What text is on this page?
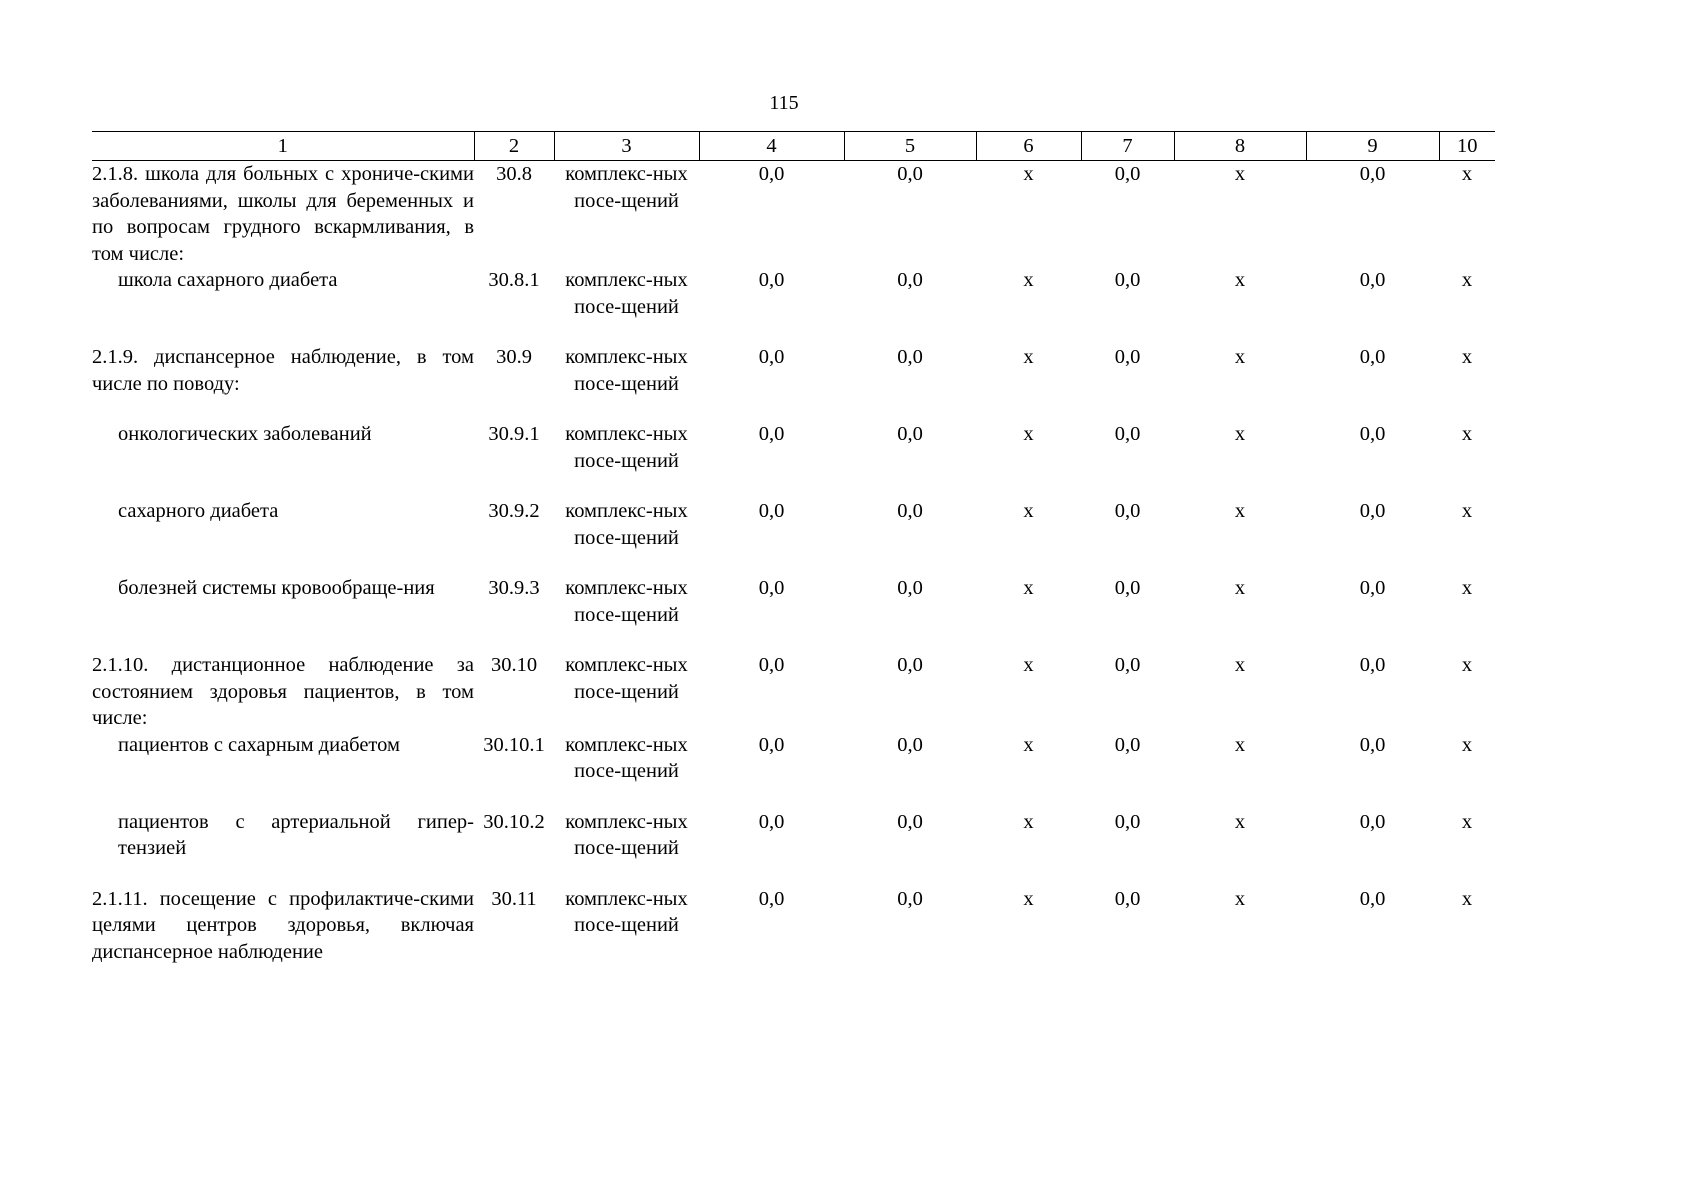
115
1	2	3	4	5	6	7	8	9	10
2.1.8. школа для больных с хрониче-скими заболеваниями, школы для беременных и по вопросам грудного вскармливания, в том числе:	30.8	комплекс-ных посе-щений	0,0	0,0	х	0,0	х	0,0	х
школа сахарного диабета	30.8.1	комплекс-ных посе-щений	0,0	0,0	х	0,0	х	0,0	х
2.1.9. диспансерное наблюдение, в том числе по поводу:	30.9	комплекс-ных посе-щений	0,0	0,0	х	0,0	х	0,0	х
онкологических заболеваний	30.9.1	комплекс-ных посе-щений	0,0	0,0	х	0,0	х	0,0	х
сахарного диабета	30.9.2	комплекс-ных посе-щений	0,0	0,0	х	0,0	х	0,0	х
болезней системы кровообраще-ния	30.9.3	комплекс-ных посе-щений	0,0	0,0	х	0,0	х	0,0	х
2.1.10. дистанционное наблюдение за состоянием здоровья пациентов, в том числе:	30.10	комплекс-ных посе-щений	0,0	0,0	х	0,0	х	0,0	х
пациентов с сахарным диабетом	30.10.1	комплекс-ных посе-щений	0,0	0,0	х	0,0	х	0,0	х
пациентов с артериальной гипер-тензией	30.10.2	комплекс-ных посе-щений	0,0	0,0	х	0,0	х	0,0	х
2.1.11. посещение с профилактиче-скими целями центров здоровья, включая диспансерное наблюдение	30.11	комплекс-ных посе-щений	0,0	0,0	х	0,0	х	0,0	х
